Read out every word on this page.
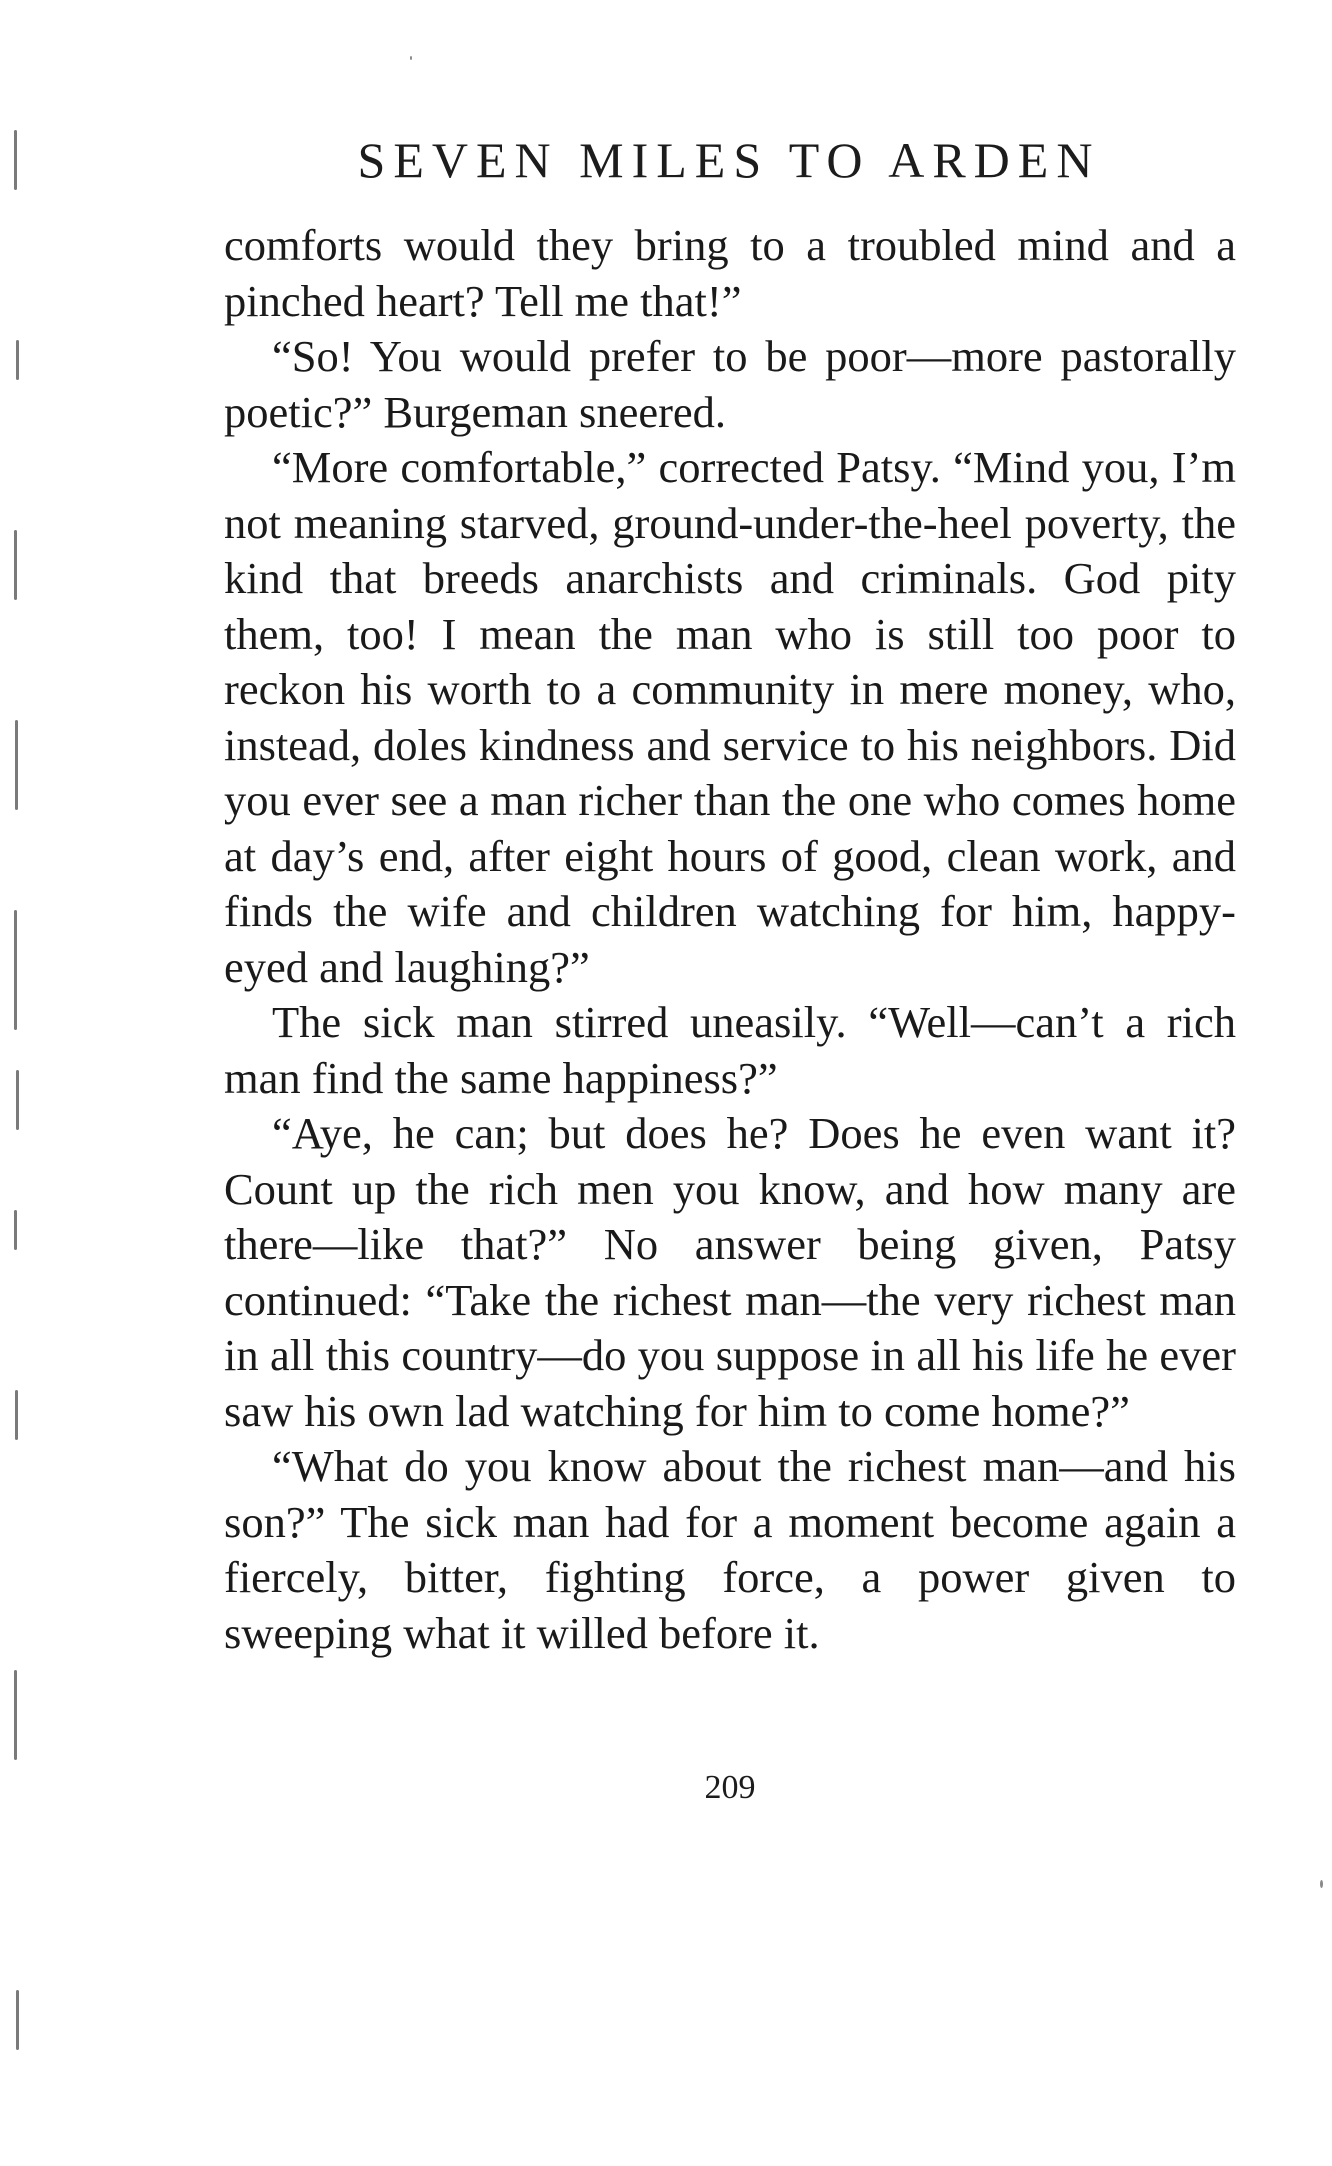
SEVEN MILES TO ARDEN

comforts would they bring to a troubled mind and a pinched heart? Tell me that!”

“So! You would prefer to be poor—more pastorally poetic?” Burgeman sneered.

“More comfortable,” corrected Patsy. “Mind you, I’m not meaning starved, ground-under-the-heel poverty, the kind that breeds anarchists and criminals. God pity them, too! I mean the man who is still too poor to reckon his worth to a community in mere money, who, instead, doles kindness and service to his neighbors. Did you ever see a man richer than the one who comes home at day’s end, after eight hours of good, clean work, and finds the wife and children watching for him, happy-eyed and laughing?”

The sick man stirred uneasily. “Well—can’t a rich man find the same happiness?”

“Aye, he can; but does he? Does he even want it? Count up the rich men you know, and how many are there—like that?” No answer being given, Patsy continued: “Take the richest man—the very richest man in all this country—do you suppose in all his life he ever saw his own lad watching for him to come home?”

“What do you know about the richest man—and his son?” The sick man had for a moment become again a fiercely, bitter, fighting force, a power given to sweeping what it willed before it.

209
